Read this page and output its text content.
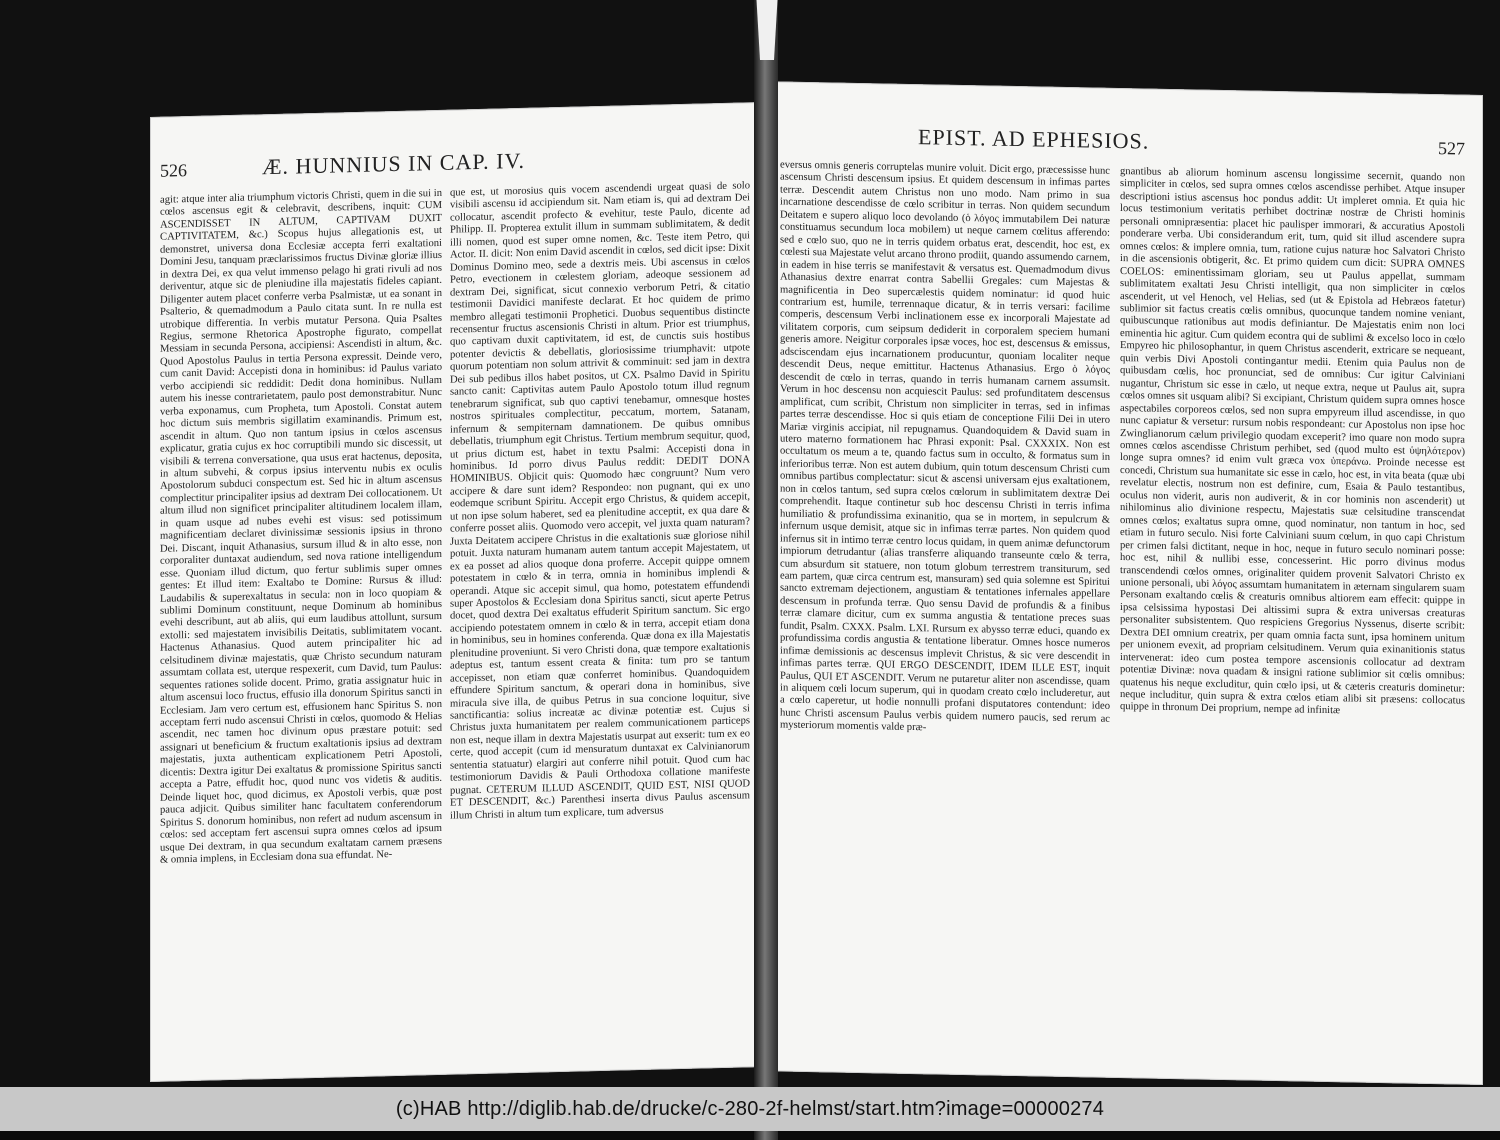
526	Æ. HUNNIUS IN CAP. IV.

agit: atque inter alia triumphum victoris Christi, quem in die sui in cœlos ascensus egit & celebravit, describens, inquit: CUM ASCENDISSET IN ALTUM, CAPTIVAM DUXIT CAPTIVITATEM, &c.) Scopus hujus allegationis est, ut demonstret, universa dona Ecclesiæ accepta ferri exaltationi Domini Jesu, tanquam præclarissimos fructus Divinæ gloriæ illius in dextra Dei, ex qua velut immenso pelago hi grati rivuli ad nos deriventur, atque sic de pleniudine illa majestatis fideles capiant. Diligenter autem placet conferre verba Psalmistæ, ut ea sonant in Psalterio, & quemadmodum a Paulo citata sunt. In re nulla est utrobique differentia. In verbis mutatur Persona. Quia Psaltes Regius, sermone Rhetorica Apostrophe figurato, compellat Messiam in secunda Persona, accipiensi: Ascendisti in altum, &c. Quod Apostolus Paulus in tertia Persona expressit. Deinde vero, cum canit David: Accepisti dona in hominibus: id Paulus variato verbo accipiendi sic reddidit: Dedit dona hominibus. Nullam autem his inesse contrarietatem, paulo post demonstrabitur. Nunc verba exponamus, cum Propheta, tum Apostoli. Constat autem hoc dictum suis membris sigillatim examinandis. Primum est, ascendit in altum. Quo non tantum ipsius in cœlos ascensus explicatur, gratia cujus ex hoc corruptibili mundo sic discessit, ut visibili & terrena conversatione, qua usus erat hactenus, deposita, in altum subvehi, & corpus ipsius interventu nubis ex oculis Apostolorum subduci conspectum est. Sed hic in altum ascensus complectitur principaliter ipsius ad dextram Dei collocationem. Ut altum illud non significet principaliter altitudinem localem illam, in quam usque ad nubes evehi est visus: sed potissimum magnificentiam declaret divinissimæ sessionis ipsius in throno Dei. Discant, inquit Athanasius, sursum illud & in alto esse, non corporaliter duntaxat audiendum, sed nova ratione intelligendum esse. Quoniam illud dictum, quo fertur sublimis super omnes gentes: Et illud item: Exaltabo te Domine: Rursus & illud: Laudabilis & superexaltatus in secula: non in loco quopiam & sublimi Dominum constituunt, neque Dominum ab hominibus evehi describunt, aut ab aliis, qui eum laudibus attollunt, sursum extolli: sed majestatem invisibilis Deitatis, sublimitatem vocant. Hactenus Athanasius. Quod autem principaliter hic ad celsitudinem divinæ majestatis, quæ Christo secundum naturam assumtam collata est, uterque respexerit, cum David, tum Paulus: sequentes rationes solide docent. Primo, gratia assignatur huic in altum ascensui loco fructus, effusio illa donorum Spiritus sancti in Ecclesiam. Jam vero certum est, effusionem hanc Spiritus S. non acceptam ferri nudo ascensui Christi in cœlos, quomodo & Helias ascendit, nec tamen hoc divinum opus præstare potuit: sed assignari ut beneficium & fructum exaltationis ipsius ad dextram majestatis, juxta authenticam explicationem Petri Apostoli, dicentis: Dextra igitur Dei exaltatus & promissione Spiritus sancti accepta a Patre, effudit hoc, quod nunc vos videtis & auditis. Deinde liquet hoc, quod dicimus, ex Apostoli verbis, quæ post pauca adjicit. Quibus similiter hanc facultatem conferendorum Spiritus S. donorum hominibus, non refert ad nudum ascensum in cœlos: sed acceptam fert ascensui supra omnes cœlos ad ipsum usque Dei dextram, in qua secundum exaltatam carnem præsens & omnia implens, in Ecclesiam dona sua effundat. Ne-

que est, ut morosius quis vocem ascendendi urgeat quasi de solo visibili ascensu id accipiendum sit. Nam etiam is, qui ad dextram Dei collocatur, ascendit profecto & evehitur, teste Paulo, dicente ad Philipp. II. Propterea extulit illum in summam sublimitatem, & dedit illi nomen, quod est super omne nomen, &c. Teste item Petro, qui Actor. II. dicit: Non enim David ascendit in cœlos, sed dicit ipse: Dixit Dominus Domino meo, sede a dextris meis. Ubi ascensus in cœlos Petro, evectionem in cœlestem gloriam, adeoque sessionem ad dextram Dei, significat, sicut connexio verborum Petri, & citatio testimonii Davidici manifeste declarat. Et hoc quidem de primo membro allegati testimonii Prophetici. Duobus sequentibus distincte recensentur fructus ascensionis Christi in altum. Prior est triumphus, quo captivam duxit captivitatem, id est, de cunctis suis hostibus potenter devictis & debellatis, gloriosissime triumphavit: utpote quorum potentiam non solum attrivit & comminuit: sed jam in dextra Dei sub pedibus illos habet positos, ut CX. Psalmo David in Spiritu sancto canit: Captivitas autem Paulo Apostolo totum illud regnum tenebrarum significat, sub quo captivi tenebamur, omnesque hostes nostros spirituales complectitur, peccatum, mortem, Satanam, infernum & sempiternam damnationem. De quibus omnibus debellatis, triumphum egit Christus. Tertium membrum sequitur, quod, ut prius dictum est, habet in textu Psalmi: Accepisti dona in hominibus. Id porro divus Paulus reddit: DEDIT DONA HOMINIBUS. Objicit quis: Quomodo hæc congruunt? Num vero accipere & dare sunt idem? Respondeo: non pugnant, qui ex uno eodemque scribunt Spiritu. Accepit ergo Christus, & quidem accepit, ut non ipse solum haberet, sed ea plenitudine acceptit, ex qua dare & conferre posset aliis. Quomodo vero accepit, vel juxta quam naturam? Juxta Deitatem accipere Christus in die exaltationis suæ gloriose nihil potuit. Juxta naturam humanam autem tantum accepit Majestatem, ut ex ea posset ad alios quoque dona proferre. Accepit quippe omnem potestatem in cœlo & in terra, omnia in hominibus implendi & operandi. Atque sic accepit simul, qua homo, potestatem effundendi super Apostolos & Ecclesiam dona Spiritus sancti, sicut aperte Petrus docet, quod dextra Dei exaltatus effuderit Spiritum sanctum. Sic ergo accipiendo potestatem omnem in cœlo & in terra, accepit etiam dona in hominibus, seu in homines conferenda. Quæ dona ex illa Majestatis plenitudine proveniunt. Si vero Christi dona, quæ tempore exaltationis adeptus est, tantum essent creata & finita: tum pro se tantum accepisset, non etiam quæ conferret hominibus. Quandoquidem effundere Spiritum sanctum, & operari dona in hominibus, sive miracula sive illa, de quibus Petrus in sua concione loquitur, sive sanctificantia: solius increatæ ac divinæ potentiæ est. Cujus si Christus juxta humanitatem per realem communicationem particeps non est, neque illam in dextra Majestatis usurpat aut exserit: tum ex eo certe, quod accepit (cum id mensuratum duntaxat ex Calvinianorum sententia statuatur) elargiri aut conferre nihil potuit. Quod cum hac testimoniorum Davidis & Pauli Orthodoxa collatione manifeste pugnat. CETERUM ILLUD ASCENDIT, QUID EST, NISI QUOD ET DESCENDIT, &c.) Parenthesi inserta divus Paulus ascensum illum Christi in altum tum explicare, tum adversus

EPIST. AD EPHESIOS.	527

eversus omnis generis corruptelas munire voluit. Dicit ergo, præcessisse hunc ascensum Christi descensum ipsius. Et quidem descensum in infimas partes terræ. Descendit autem Christus non uno modo. Nam primo in sua incarnatione descendisse de cœlo scribitur in terras. Non quidem secundum Deitatem e supero aliquo loco devolando (ὁ λόγος immutabilem Dei naturæ constituamus secundum loca mobilem) ut neque carnem cœlitus afferendo: sed e cœlo suo, quo ne in terris quidem orbatus erat, descendit, hoc est, ex cœlesti sua Majestate velut arcano throno prodiit, quando assumendo carnem, in eadem in hise terris se manifestavit & versatus est. Quemadmodum divus Athanasius dextre enarrat contra Sabellii Gregales: cum Majestas & magnificentia in Deo supercælestis quidem nominatur: id quod huic contrarium est, humile, terrennaque dicatur, & in terris versari: facilime comperis, descensum Verbi inclinationem esse ex incorporali Majestate ad vilitatem corporis, cum seipsum dediderit in corporalem speciem humani generis amore. Neigitur corporales ipsæ voces, hoc est, descensus & emissus, adsciscendam ejus incarnationem producuntur, quoniam localiter neque descendit Deus, neque emittitur. Hactenus Athanasius. Ergo ὁ λόγος descendit de cœlo in terras, quando in terris humanam carnem assumsit. Verum in hoc descensu non acquiescit Paulus: sed profunditatem descensus amplificat, cum scribit, Christum non simpliciter in terras, sed in infimas partes terræ descendisse. Hoc si quis etiam de conceptione Filii Dei in utero Mariæ virginis accipiat, nil repugnamus. Quandoquidem & David suam in utero materno formationem hac Phrasi exponit: Psal. CXXXIX. Non est occultatum os meum a te, quando factus sum in occulto, & formatus sum in inferioribus terræ. Non est autem dubium, quin totum descensum Christi cum omnibus partibus complectatur: sicut & ascensi universam ejus exaltationem, non in cœlos tantum, sed supra cœlos cœlorum in sublimitatem dextræ Dei comprehendit. Itaque continetur sub hoc descensu Christi in terris infima humiliatio & profundissima exinanitio, qua se in mortem, in sepulcrum & infernum usque demisit, atque sic in infimas terræ partes. Non quidem quod infernus sit in intimo terræ centro locus quidam, in quem animæ defunctorum impiorum detrudantur (alias transferre aliquando transeunte cœlo & terra, cum absurdum sit statuere, non totum globum terrestrem transiturum, sed eam partem, quæ circa centrum est, mansuram) sed quia solemne est Spiritui sancto extremam dejectionem, angustiam & tentationes infernales appellare descensum in profunda terræ. Quo sensu David de profundis & a finibus terræ clamare dicitur, cum ex summa angustia & tentatione preces suas fundit, Psalm. CXXX. Psalm. LXI. Rursum ex abysso terræ educi, quando ex profundissima cordis angustia & tentatione liberatur. Omnes hosce numeros infimæ demissionis ac descensus implevit Christus, & sic vere descendit in infimas partes terræ. QUI ERGO DESCENDIT, IDEM ILLE EST, inquit Paulus, QUI ET ASCENDIT. Verum ne putaretur aliter non ascendisse, quam in aliquem cœli locum superum, qui in quodam creato cœlo includeretur, aut a cœlo caperetur, ut hodie nonnulli profani disputatores contendunt: ideo hunc Christi ascensum Paulus verbis quidem numero paucis, sed rerum ac mysteriorum momentis valde præ-

gnantibus ab aliorum hominum ascensu longissime secernit, quando non simpliciter in cœlos, sed supra omnes cœlos ascendisse perhibet. Atque insuper descriptioni istius ascensus hoc pondus addit: Ut impleret omnia. Et quia hic locus testimonium veritatis perhibet doctrinæ nostræ de Christi hominis personali omnipræsentia: placet hic paulisper immorari, & accuratius Apostoli ponderare verba. Ubi considerandum erit, tum, quid sit illud ascendere supra omnes cœlos: & implere omnia, tum, ratione cujus naturæ hoc Salvatori Christo in die ascensionis obtigerit, &c. Et primo quidem cum dicit: SUPRA OMNES COELOS: eminentissimam gloriam, seu ut Paulus appellat, summam sublimitatem exaltati Jesu Christi intelligit, qua non simpliciter in cœlos ascenderit, ut vel Henoch, vel Helias, sed (ut & Epistola ad Hebræos fatetur) sublimior sit factus creatis cœlis omnibus, quocunque tandem nomine veniant, quibuscunque rationibus aut modis definiantur. De Majestatis enim non loci eminentia hic agitur. Cum quidem econtra qui de sublimi & excelso loco in cœlo Empyreo hic philosophantur, in quem Christus ascenderit, extricare se nequeant, quin verbis Divi Apostoli contingantur medii. Etenim quia Paulus non de quibusdam cœlis, hoc pronunciat, sed de omnibus: Cur igitur Calviniani nugantur, Christum sic esse in cælo, ut neque extra, neque ut Paulus ait, supra cœlos omnes sit usquam alibi? Si excipiant, Christum quidem supra omnes hosce aspectabiles corporeos cœlos, sed non supra empyreum illud ascendisse, in quo nunc capiatur & versetur: rursum nobis respondeant: cur Apostolus non ipse hoc Zwinglianorum cælum privilegio quodam exceperit? imo quare non modo supra omnes cœlos ascendisse Christum perhibet, sed (quod multo est ὑψηλότερον) longe supra omnes? id enim vult græca vox ὑπεράνω. Proinde necesse est concedi, Christum sua humanitate sic esse in cælo, hoc est, in vita beata (quæ ubi revelatur electis, nostrum non est definire, cum, Esaia & Paulo testantibus, oculus non viderit, auris non audiverit, & in cor hominis non ascenderit) ut nihilominus alio divinione respectu, Majestatis suæ celsitudine transcendat omnes cœlos; exaltatus supra omne, quod nominatur, non tantum in hoc, sed etiam in futuro seculo. Nisi forte Calviniani suum cœlum, in quo capi Christum per crimen falsi dictitant, neque in hoc, neque in futuro seculo nominari posse: hoc est, nihil & nullibi esse, concesserint. Hic porro divinus modus transcendendi cœlos omnes, originaliter quidem provenit Salvatori Christo ex unione personali, ubi λόγος assumtam humanitatem in æternam singularem suam Personam exaltando cœlis & creaturis omnibus altiorem eam effecit: quippe in ipsa celsissima hypostasi Dei altissimi supra & extra universas creaturas personaliter subsistentem. Quo respiciens Gregorius Nyssenus, diserte scribit: Dextra DEI omnium creatrix, per quam omnia facta sunt, ipsa hominem unitum per unionem evexit, ad propriam celsitudinem. Verum quia exinanitionis status intervenerat: ideo cum postea tempore ascensionis collocatur ad dextram potentiæ Divinæ: nova quadam & insigni ratione sublimior sit cœlis omnibus: quatenus his neque excluditur, quin cœlo ipsi, ut & cæteris creaturis dominetur: neque includitur, quin supra & extra cœlos etiam alibi sit præsens: collocatus quippe in thronum Dei proprium, nempe ad infinitæ

(c)HAB http://diglib.hab.de/drucke/c-280-2f-helmst/start.htm?image=00000274
